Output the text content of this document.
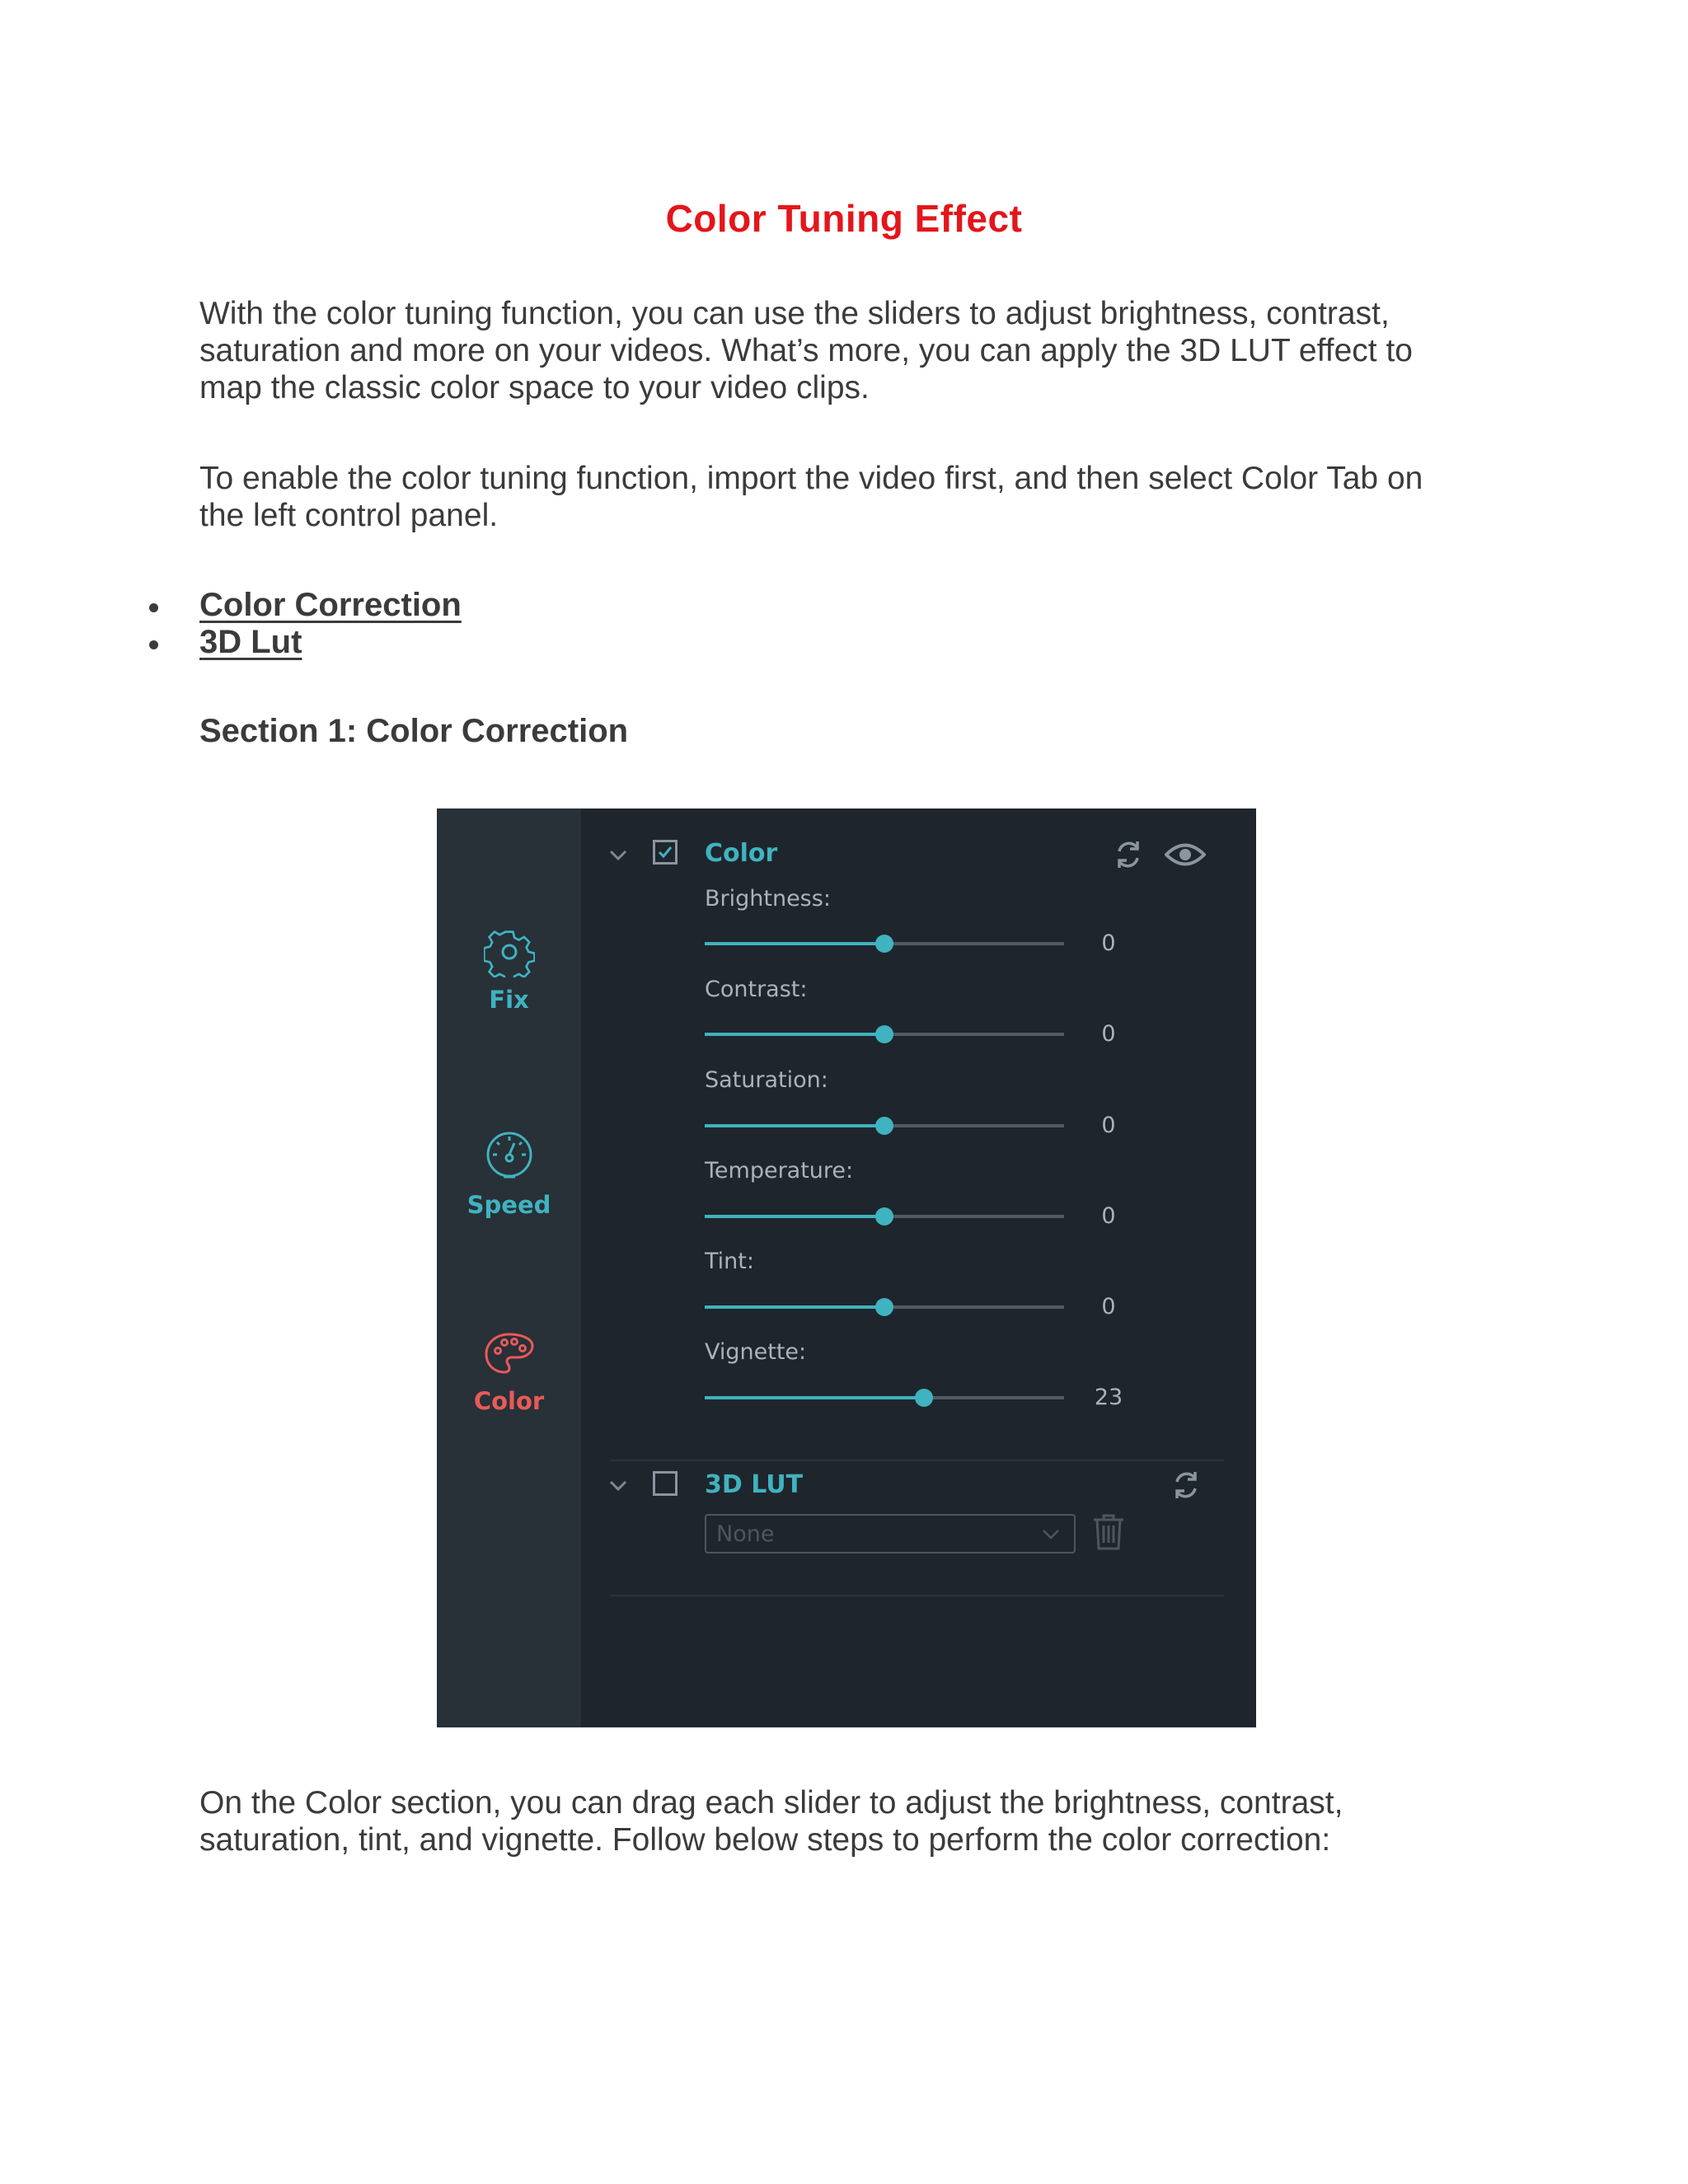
Color Tuning Effect
With the color tuning function, you can use the sliders to adjust brightness, contrast,
saturation and more on your videos. What’s more, you can apply the 3D LUT effect to
map the classic color space to your video clips.
To enable the color tuning function, import the video first, and then select Color Tab on
the left control panel.
Color Correction
3D Lut
Section 1: Color Correction
Fix
Speed
Color
Color
Brightness:
0
Contrast:
0
Saturation:
0
Temperature:
0
Tint:
0
Vignette:
23
3D LUT
None
On the Color section, you can drag each slider to adjust the brightness, contrast,
saturation, tint, and vignette. Follow below steps to perform the color correction:
